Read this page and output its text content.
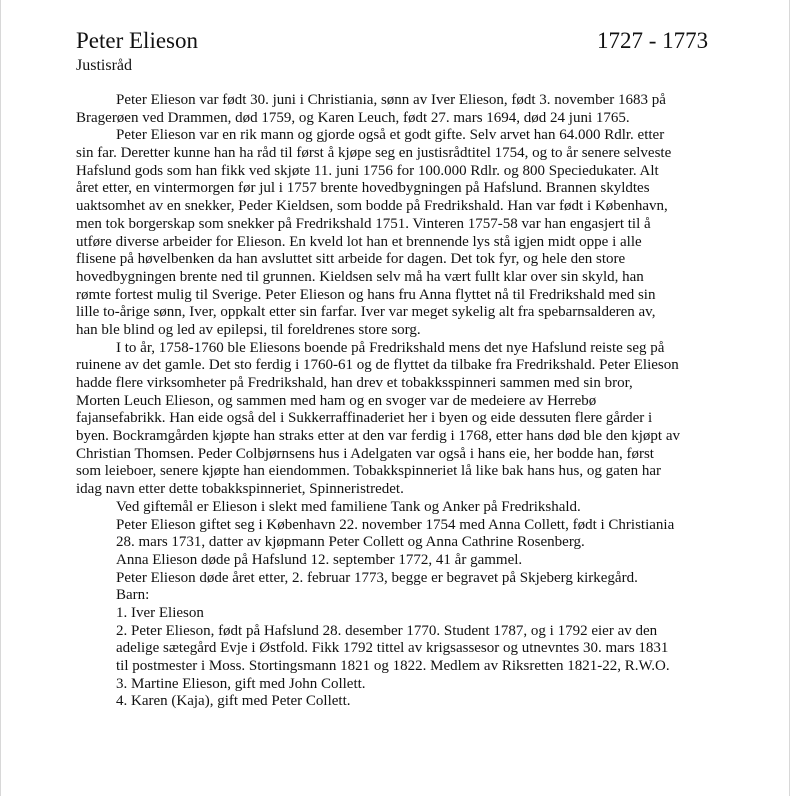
Peter Elieson	1727 - 1773
Justisråd
Peter Elieson var født 30. juni i Christiania, sønn av Iver Elieson, født 3. november 1683 på
Bragerøen ved Drammen, død 1759, og Karen Leuch, født 27. mars 1694, død 24 juni 1765.
Peter Elieson var en rik mann og gjorde også et godt gifte. Selv arvet han 64.000 Rdlr. etter
sin far. Deretter kunne han ha råd til først å kjøpe seg en justisrådtitel 1754, og to år senere selveste
Hafslund gods som han fikk ved skjøte 11. juni 1756 for 100.000 Rdlr. og 800 Speciedukater. Alt
året etter, en vintermorgen før jul i 1757 brente hovedbygningen på Hafslund. Brannen skyldtes
uaktsomhet av en snekker, Peder Kieldsen, som bodde på Fredrikshald. Han var født i København,
men tok borgerskap som snekker på Fredrikshald 1751. Vinteren 1757-58 var han engasjert til å
utføre diverse arbeider for Elieson. En kveld lot han et brennende lys stå igjen midt oppe i alle
flisene på høvelbenken da han avsluttet sitt arbeide for dagen. Det tok fyr, og hele den store
hovedbygningen brente ned til grunnen. Kieldsen selv må ha vært fullt klar over sin skyld, han
rømte fortest mulig til Sverige. Peter Elieson og hans fru Anna flyttet nå til Fredrikshald med sin
lille to-årige sønn, Iver, oppkalt etter sin farfar. Iver var meget sykelig alt fra spebarnsalderen av,
han ble blind og led av epilepsi, til foreldrenes store sorg.
I to år, 1758-1760 ble Eliesons boende på Fredrikshald mens det nye Hafslund reiste seg på
ruinene av det gamle. Det sto ferdig i 1760-61 og de flyttet da tilbake fra Fredrikshald. Peter Elieson
hadde flere virksomheter på Fredrikshald, han drev et tobakksspinneri sammen med sin bror,
Morten Leuch Elieson, og sammen med ham og en svoger var de medeiere av Herrebø
fajansefabrikk. Han eide også del i Sukkerraffinaderiet her i byen og eide dessuten flere gårder i
byen. Bockramgården kjøpte han straks etter at den var ferdig i 1768, etter hans død ble den kjøpt av
Christian Thomsen. Peder Colbjørnsens hus i Adelgaten var også i hans eie, her bodde han, først
som leieboer, senere kjøpte han eiendommen. Tobakkspinneriet lå like bak hans hus, og gaten har
idag navn etter dette tobakkspinneriet, Spinneristredet.
Ved giftemål er Elieson i slekt med familiene Tank og Anker på Fredrikshald.
Peter Elieson giftet seg i København 22. november 1754 med Anna Collett, født i Christiania
28. mars 1731, datter av kjøpmann Peter Collett og Anna Cathrine Rosenberg.
Anna Elieson døde på Hafslund 12. september 1772, 41 år gammel.
Peter Elieson døde året etter, 2. februar 1773, begge er begravet på Skjeberg kirkegård.
Barn:
1. Iver Elieson
2. Peter Elieson, født på Hafslund 28. desember 1770. Student 1787, og i 1792 eier av den
adelige sætegård Evje i Østfold. Fikk 1792 tittel av krigsassesor og utnevntes 30. mars 1831
til postmester i Moss. Stortingsmann 1821 og 1822. Medlem av Riksretten 1821-22, R.W.O.
3. Martine Elieson, gift med John Collett.
4. Karen (Kaja), gift med Peter Collett.
